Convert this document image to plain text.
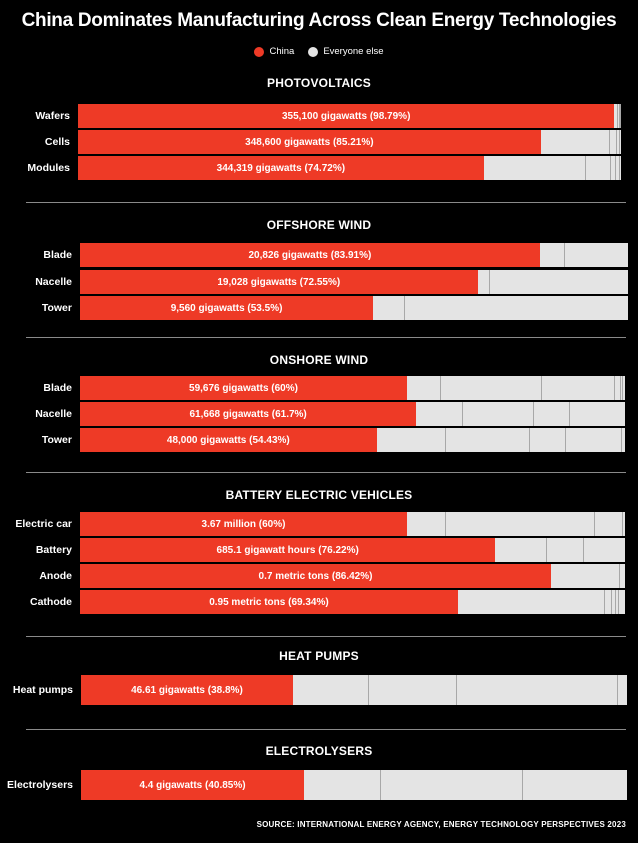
China Dominates Manufacturing Across Clean Energy Technologies
China	Everyone else
PHOTOVOLTAICS
Wafers	355,100 gigawatts (98.79%)
Cells	348,600 gigawatts (85.21%)
Modules	344,319 gigawatts (74.72%)
OFFSHORE WIND
Blade	20,826 gigawatts (83.91%)
Nacelle	19,028 gigawatts (72.55%)
Tower	9,560 gigawatts (53.5%)
ONSHORE WIND
Blade	59,676 gigawatts (60%)
Nacelle	61,668 gigawatts (61.7%)
Tower	48,000 gigawatts (54.43%)
BATTERY ELECTRIC VEHICLES
Electric car	3.67 million (60%)
Battery	685.1 gigawatt hours (76.22%)
Anode	0.7 metric tons (86.42%)
Cathode	0.95 metric tons (69.34%)
HEAT PUMPS
Heat pumps	46.61 gigawatts (38.8%)
ELECTROLYSERS
Electrolysers	4.4 gigawatts (40.85%)
SOURCE: INTERNATIONAL ENERGY AGENCY, ENERGY TECHNOLOGY PERSPECTIVES 2023
